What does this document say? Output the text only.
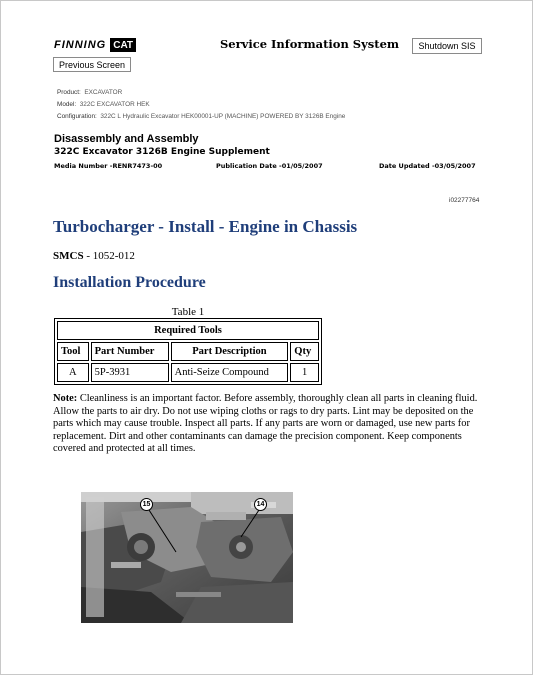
FINNING CAT	Service Information System	Shutdown SIS
Previous Screen
Product: EXCAVATOR
Model: 322C EXCAVATOR HEK
Configuration: 322C L Hydraulic Excavator HEK00001-UP (MACHINE) POWERED BY 3126B Engine
Disassembly and Assembly
322C Excavator 3126B Engine Supplement
Media Number -RENR7473-00	Publication Date -01/05/2007	Date Updated -03/05/2007
i02277764
Turbocharger - Install - Engine in Chassis
SMCS - 1052-012
Installation Procedure
Table 1
Required Tools			
Tool	Part Number	Part Description	Qty
A	5P-3931	Anti-Seize Compound	1
Note: Cleanliness is an important factor. Before assembly, thoroughly clean all parts in cleaning fluid. Allow the parts to air dry. Do not use wiping cloths or rags to dry parts. Lint may be deposited on the parts which may cause trouble. Inspect all parts. If any parts are worn or damaged, use new parts for replacement. Dirt and other contaminants can damage the precision component. Keep components covered and protected at all times.
15	14
